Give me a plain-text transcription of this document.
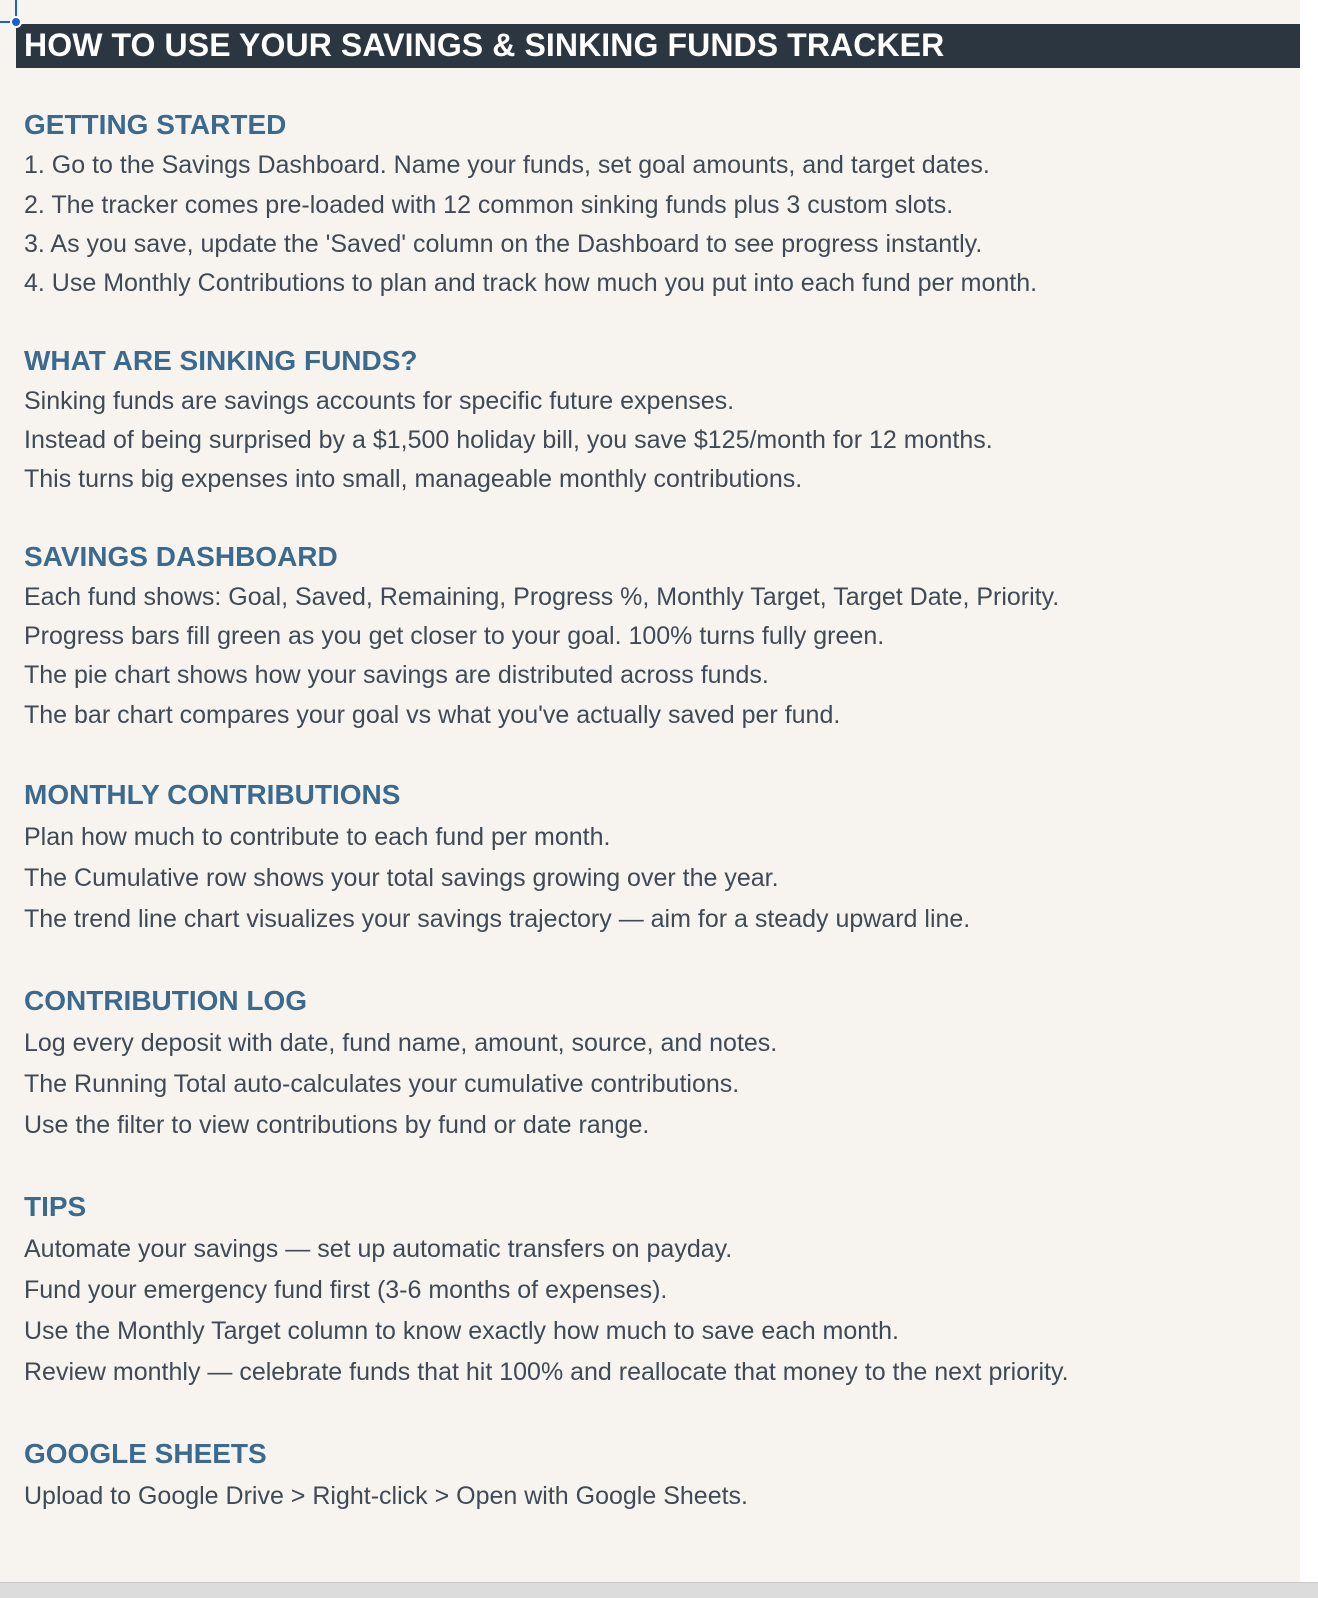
HOW TO USE YOUR SAVINGS & SINKING FUNDS TRACKER
GETTING STARTED
1. Go to the Savings Dashboard. Name your funds, set goal amounts, and target dates.
2. The tracker comes pre-loaded with 12 common sinking funds plus 3 custom slots.
3. As you save, update the 'Saved' column on the Dashboard to see progress instantly.
4. Use Monthly Contributions to plan and track how much you put into each fund per month.
WHAT ARE SINKING FUNDS?
Sinking funds are savings accounts for specific future expenses.
Instead of being surprised by a $1,500 holiday bill, you save $125/month for 12 months.
This turns big expenses into small, manageable monthly contributions.
SAVINGS DASHBOARD
Each fund shows: Goal, Saved, Remaining, Progress %, Monthly Target, Target Date, Priority.
Progress bars fill green as you get closer to your goal. 100% turns fully green.
The pie chart shows how your savings are distributed across funds.
The bar chart compares your goal vs what you've actually saved per fund.
MONTHLY CONTRIBUTIONS
Plan how much to contribute to each fund per month.
The Cumulative row shows your total savings growing over the year.
The trend line chart visualizes your savings trajectory — aim for a steady upward line.
CONTRIBUTION LOG
Log every deposit with date, fund name, amount, source, and notes.
The Running Total auto-calculates your cumulative contributions.
Use the filter to view contributions by fund or date range.
TIPS
Automate your savings — set up automatic transfers on payday.
Fund your emergency fund first (3-6 months of expenses).
Use the Monthly Target column to know exactly how much to save each month.
Review monthly — celebrate funds that hit 100% and reallocate that money to the next priority.
GOOGLE SHEETS
Upload to Google Drive > Right-click > Open with Google Sheets.
